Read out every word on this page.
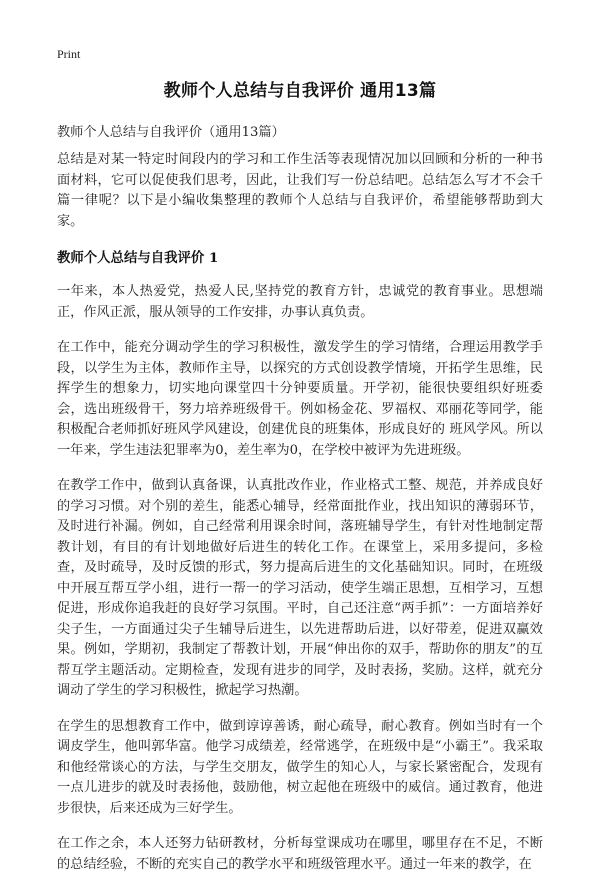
Print
教师个人总结与自我评价 通用13篇
教师个人总结与自我评价（通用13篇）

总结是对某一特定时间段内的学习和工作生活等表现情况加以回顾和分析的一种书面材料，它可以促使我们思考，因此，让我们写一份总结吧。总结怎么写才不会千篇一律呢？以下是小编收集整理的教师个人总结与自我评价，希望能够帮助到大家。

教师个人总结与自我评价 1

一年来，本人热爱党，热爱人民,坚持党的教育方针，忠诚党的教育事业。思想端正，作风正派，服从领导的工作安排，办事认真负责。

在工作中，能充分调动学生的学习积极性，激发学生的学习情绪，合理运用教学手段，以学生为主体，教师作主导，以探究的方式创设教学情境，开拓学生思维，民挥学生的想象力，切实地向课堂四十分钟要质量。开学初，能很快要组织好班委会，选出班级骨干，努力培养班级骨干。例如杨金花、罗福权、邓丽花等同学，能积极配合老师抓好班风学风建设，创建优良的班集体，形成良好的 班风学风。所以一年来，学生违法犯罪率为0，差生率为0，在学校中被评为先进班级。

在教学工作中，做到认真备课，认真批改作业，作业格式工整、规范，并养成良好的学习习惯。对个别的差生，能悉心辅导，经常面批作业，找出知识的薄弱环节，及时进行补漏。例如，自己经常利用课余时间，落班辅导学生，有针对性地制定帮教计划，有目的有计划地做好后进生的转化工作。在课堂上，采用多提问，多检查，及时疏导，及时反馈的形式，努力提高后进生的文化基础知识。同时，在班级中开展互帮互学小组，进行一帮一的学习活动，使学生端正思想，互相学习，互想促进，形成你追我赶的良好学习氛围。平时，自己还注意“两手抓”：一方面培养好尖子生，一方面通过尖子生辅导后进生，以先进帮助后进，以好带差，促进双赢效果。例如，学期初，我制定了帮教计划，开展“伸出你的双手，帮助你的朋友”的互帮互学主题活动。定期检查，发现有进步的同学，及时表扬，奖励。这样，就充分调动了学生的学习积极性，掀起学习热潮。

在学生的思想教育工作中，做到谆谆善诱，耐心疏导，耐心教育。例如当时有一个调皮学生，他叫郭华富。他学习成绩差，经常逃学，在班级中是“小霸王”。我采取和他经常谈心的方法，与学生交朋友，做学生的知心人，与家长紧密配合，发现有一点儿进步的就及时表扬他，鼓励他，树立起他在班级中的威信。通过教育，他进步很快，后来还成为三好学生。

在工作之余，本人还努力钻研教材，分析每堂课成功在哪里，哪里存在不足，不断的总结经验，不断的充实自己的教学水平和班级管理水平。通过一年来的教学，在
